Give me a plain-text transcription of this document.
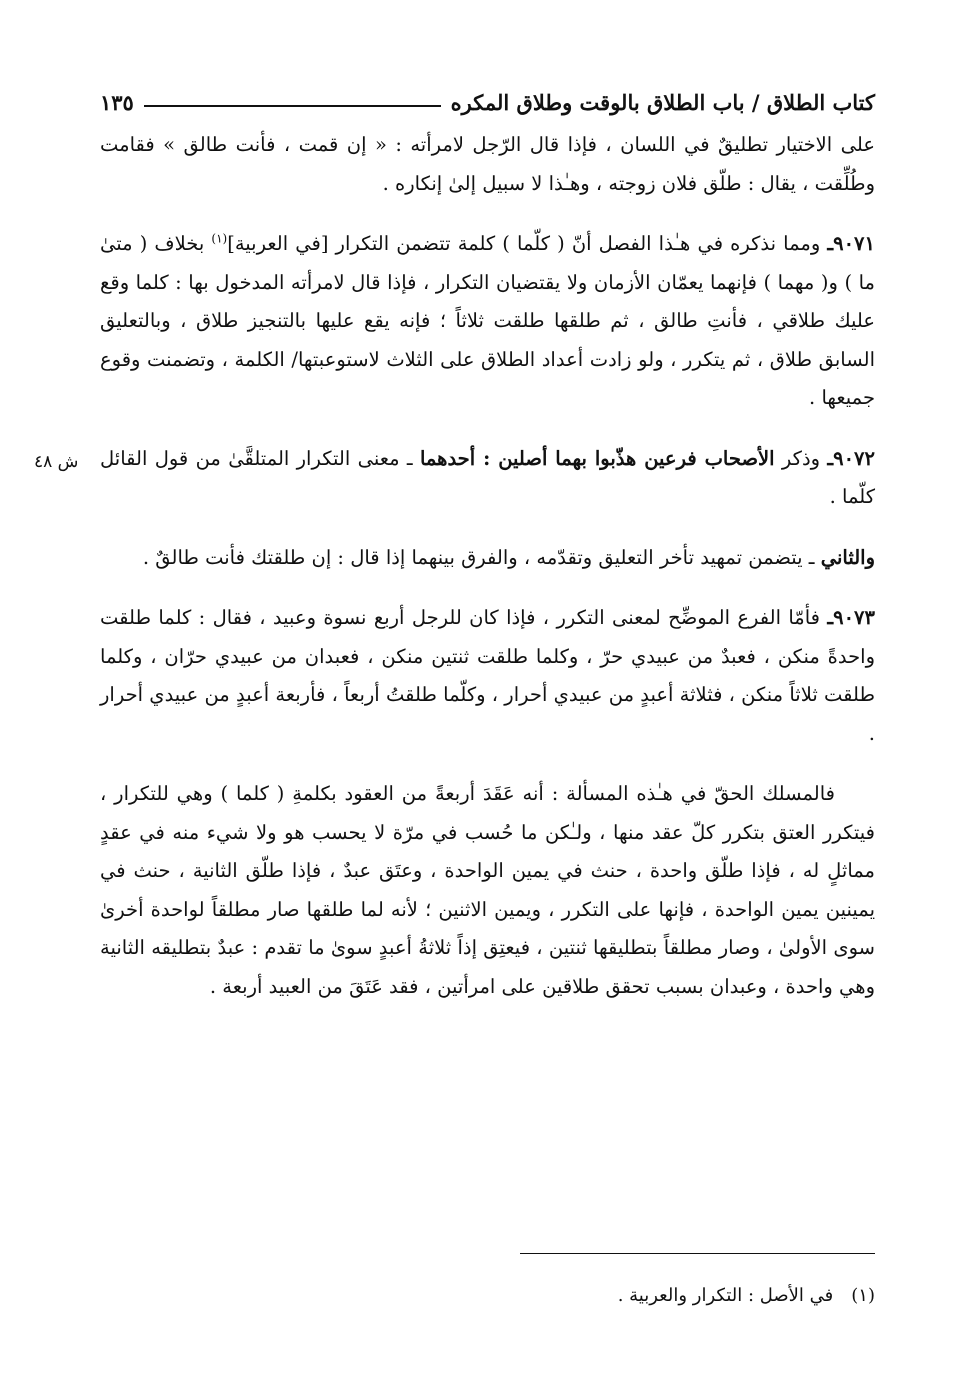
كتاب الطلاق / باب الطلاق بالوقت وطلاق المكره
١٣٥

على الاختيار تطليقٌ في اللسان ، فإذا قال الرّجل لامرأته : « إن قمت ، فأنت طالق » فقامت وطُلِّقت ، يقال : طلّق فلان زوجته ، وهـٰذا لا سبيل إلىٰ إنكاره .

٩٠٧١ـ ومما نذكره في هـٰذا الفصل أنّ ( كلّما ) كلمة تتضمن التكرار [في العربية]$^{(١)}$ بخلاف ( متىٰ ما ) و( مهما ) فإنهما يعمّان الأزمان ولا يقتضيان التكرار ، فإذا قال لامرأته المدخول بها : كلما وقع عليك طلاقي ، فأنتِ طالق ، ثم طلقها طلقت ثلاثاً ؛ فإنه يقع عليها بالتنجيز طلاق ، وبالتعليق السابق طلاق ، ثم يتكرر ، ولو زادت أعداد الطلاق على الثلاث لاستوعبتها/ الكلمة ، وتضمنت وقوع جميعها .

٩٠٧٢ـ وذكر الأصحاب فرعين هذّبوا بهما أصلين : أحدهما ـ معنى التكرار المتلقَّىٰ من قول القائل كلّما .

والثاني ـ يتضمن تمهيد تأخر التعليق وتقدّمه ، والفرق بينهما إذا قال : إن طلقتك فأنت طالقٌ .

٩٠٧٣ـ فأمّا الفرع الموضِّح لمعنى التكرر ، فإذا كان للرجل أربع نسوة وعبيد ، فقال : كلما طلقت واحدةً منكن ، فعبدٌ من عبيدي حرّ ، وكلما طلقت ثنتين منكن ، فعبدان من عبيدي حرّان ، وكلما طلقت ثلاثاً منكن ، فثلاثة أعبدٍ من عبيدي أحرار ، وكلّما طلقتُ أربعاً ، فأربعة أعبدٍ من عبيدي أحرار .

فالمسلك الحقّ في هـٰذه المسألة : أنه عَقَدَ أربعةً من العقود بكلمةِ ( كلما ) وهي للتكرار ، فيتكرر العتق بتكرر كلّ عقد منها ، ولـٰكن ما حُسب في مرّة لا يحسب هو ولا شيء منه في عقدٍ مماثلٍ له ، فإذا طلّق واحدة ، حنث في يمين الواحدة ، وعتَق عبدٌ ، فإذا طلّق الثانية ، حنث في يمينين يمين الواحدة ، فإنها على التكرر ، ويمين الاثنين ؛ لأنه لما طلقها صار مطلقاً لواحدة أخرىٰ سوى الأولىٰ ، وصار مطلقاً بتطليقها ثنتين ، فيعتِق إذاً ثلاثةُ أعبدٍ سوىٰ ما تقدم : عبدٌ بتطليقه الثانية وهي واحدة ، وعبدان بسبب تحقق طلاقين على امرأتين ، فقد عَتَقَ من العبيد أربعة .

ش ٤٨
(١)في الأصل : التكرار والعربية .
